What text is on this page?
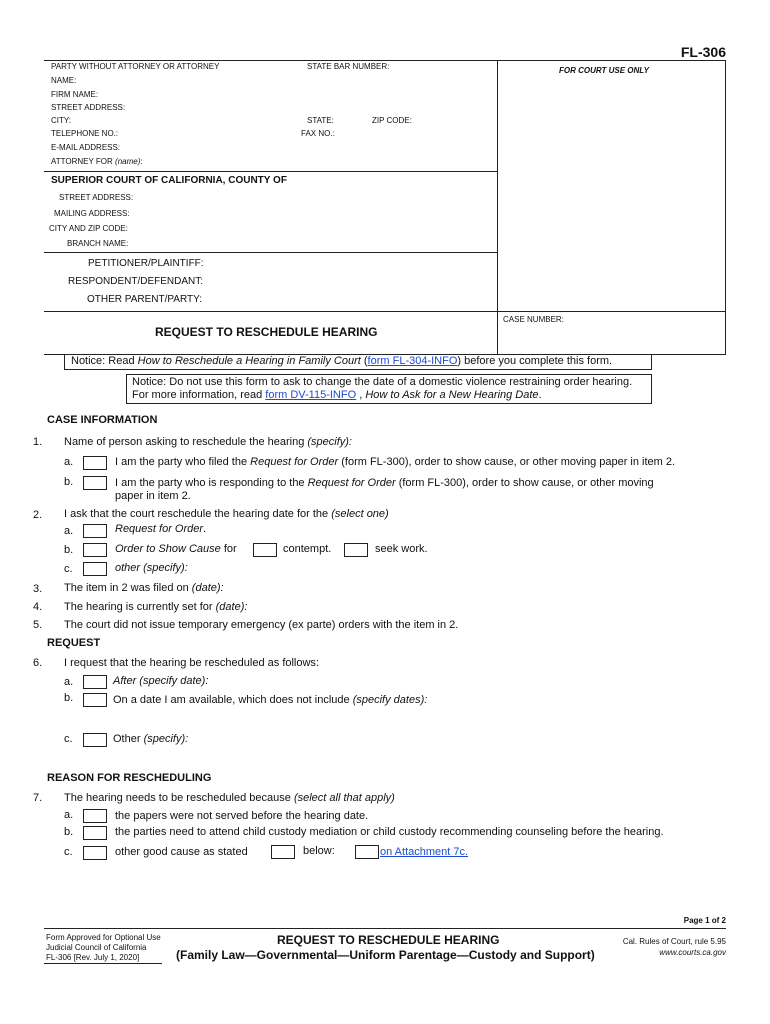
FL-306
PARTY WITHOUT ATTORNEY OR ATTORNEY	STATE BAR NUMBER:	FOR COURT USE ONLY
NAME:
FIRM NAME:
STREET ADDRESS:
CITY:	STATE:	ZIP CODE:
TELEPHONE NO.:	FAX NO.:
E-MAIL ADDRESS:
ATTORNEY FOR (name):
SUPERIOR COURT OF CALIFORNIA, COUNTY OF
STREET ADDRESS:
MAILING ADDRESS:
CITY AND ZIP CODE:
BRANCH NAME:
PETITIONER/PLAINTIFF:
RESPONDENT/DEFENDANT:
OTHER PARENT/PARTY:
REQUEST TO RESCHEDULE HEARING
CASE NUMBER:
Notice: Read How to Reschedule a Hearing in Family Court (form FL-304-INFO) before you complete this form.
Notice: Do not use this form to ask to change the date of a domestic violence restraining order hearing.
For more information, read form DV-115-INFO , How to Ask for a New Hearing Date.
CASE INFORMATION
1. Name of person asking to reschedule the hearing (specify):
a.	I am the party who filed the Request for Order (form FL-300), order to show cause, or other moving paper in item 2.
b.	I am the party who is responding to the Request for Order (form FL-300), order to show cause, or other moving
paper in item 2.
2. I ask that the court reschedule the hearing date for the (select one)
a.	Request for Order.
b.	Order to Show Cause for	contempt.	seek work.
c.	other (specify):
3. The item in 2 was filed on (date):
4. The hearing is currently set for (date):
5. The court did not issue temporary emergency (ex parte) orders with the item in 2.
REQUEST
6. I request that the hearing be rescheduled as follows:
a.	After (specify date):
b.	On a date I am available, which does not include (specify dates):
c.	Other (specify):
REASON FOR RESCHEDULING
7. The hearing needs to be rescheduled because (select all that apply)
a.	the papers were not served before the hearing date.
b.	the parties need to attend child custody mediation or child custody recommending counseling before the hearing.
c.	other good cause as stated	below:	on Attachment 7c.
Page 1 of 2
Form Approved for Optional Use
Judicial Council of California
FL-306 [Rev. July 1, 2020]
REQUEST TO RESCHEDULE HEARING
(Family Law—Governmental—Uniform Parentage—Custody and Support)
Cal. Rules of Court, rule 5.95
www.courts.ca.gov
